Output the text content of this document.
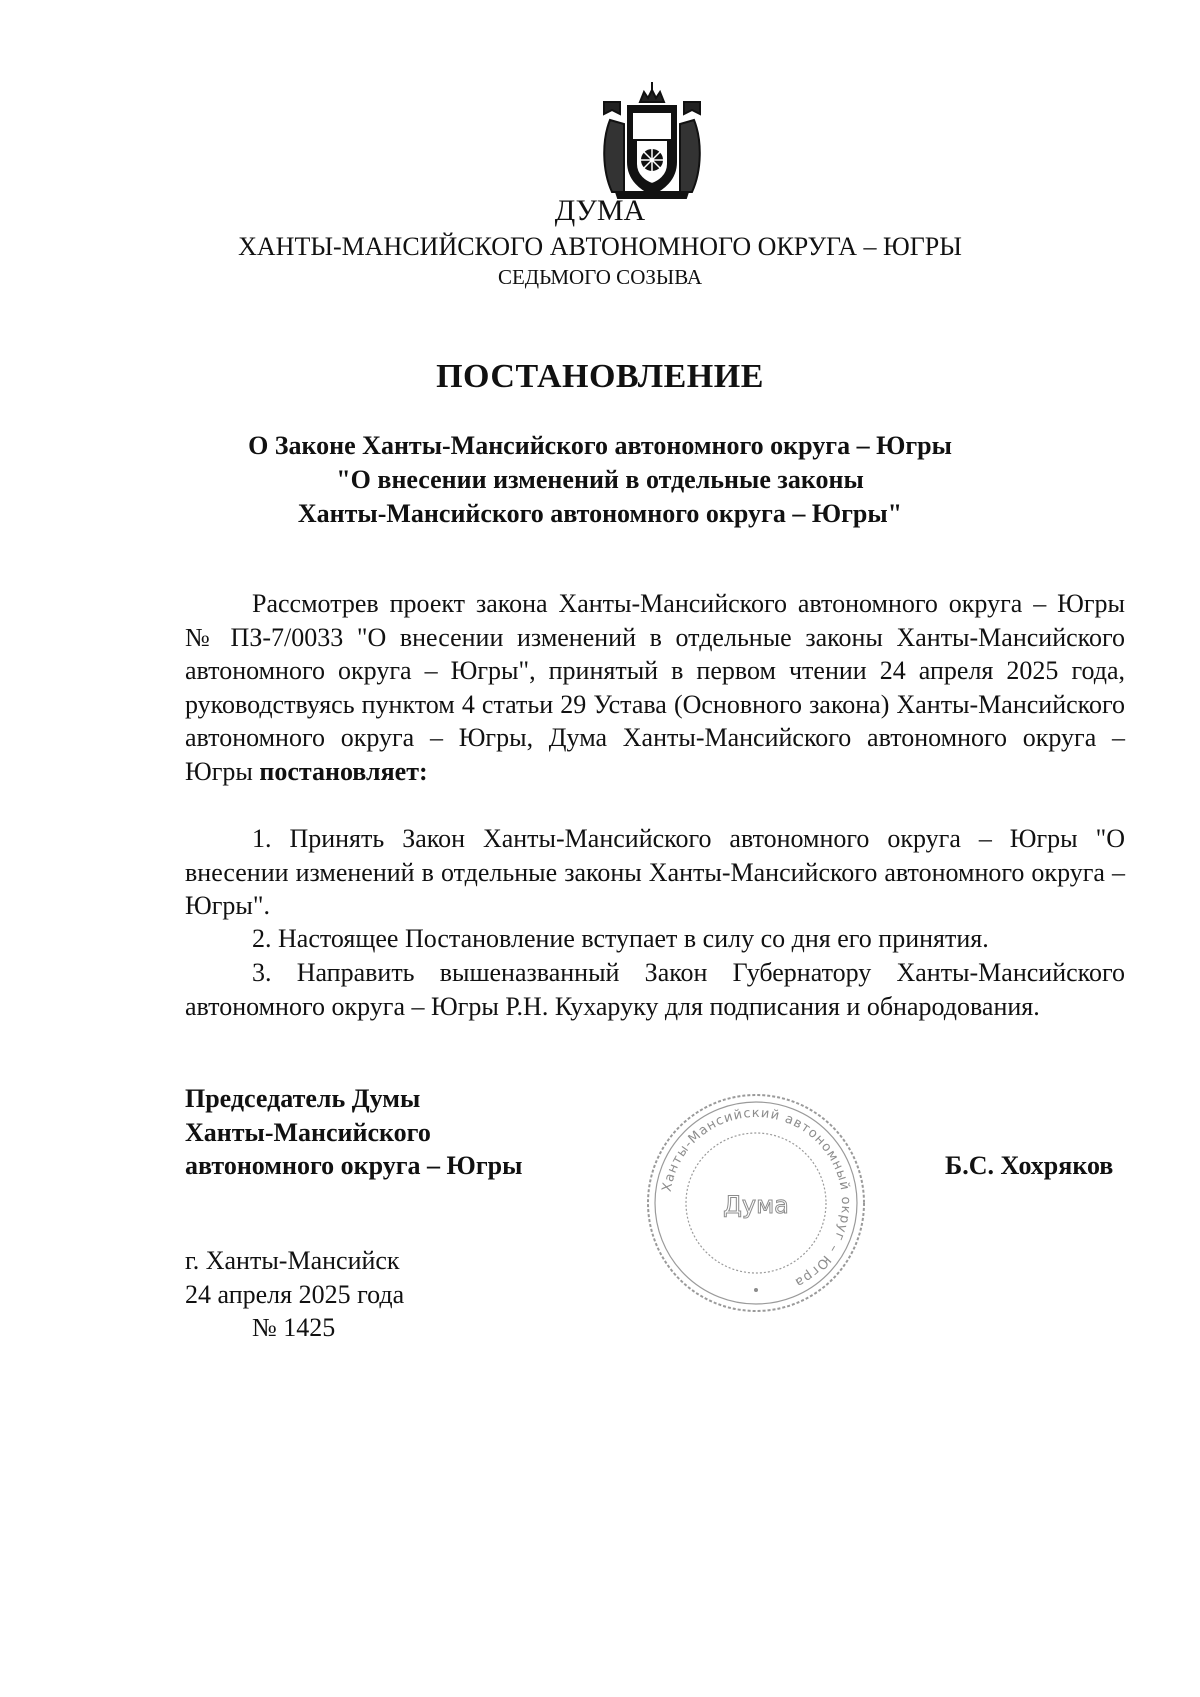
ДУМА
ХАНТЫ-МАНСИЙСКОГО АВТОНОМНОГО ОКРУГА – ЮГРЫ
СЕДЬМОГО СОЗЫВА
ПОСТАНОВЛЕНИЕ
О Законе Ханты-Мансийского автономного округа – Югры
"О внесении изменений в отдельные законы
Ханты-Мансийского автономного округа – Югры"

Рассмотрев проект закона Ханты-Мансийского автономного округа – Югры № ПЗ-7/0033 "О внесении изменений в отдельные законы Ханты-Мансийского автономного округа – Югры", принятый в первом чтении 24 апреля 2025 года, руководствуясь пунктом 4 статьи 29 Устава (Основного закона) Ханты-Мансийского автономного округа – Югры, Дума Ханты-Мансийского автономного округа – Югры постановляет:

1. Принять Закон Ханты-Мансийского автономного округа – Югры "О внесении изменений в отдельные законы Ханты-Мансийского автономного округа – Югры".

2. Настоящее Постановление вступает в силу со дня его принятия.

3. Направить вышеназванный Закон Губернатору Ханты-Мансийского автономного округа – Югры Р.Н. Кухаруку для подписания и обнародования.

Председатель Думы
Ханты-Мансийского
автономного округа – Югры
Ханты-Мансийский автономный округ – Югра
Дума
Б.С. Хохряков
г. Ханты-Мансийск
24 апреля 2025 года
№ 1425
